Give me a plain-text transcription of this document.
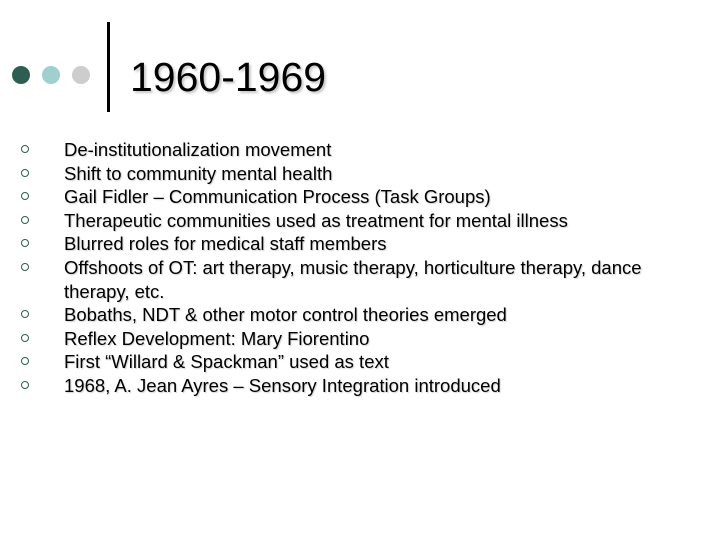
1960-1969
De-institutionalization movement
Shift to community mental health
Gail Fidler – Communication Process (Task Groups)
Therapeutic communities used as treatment for mental illness
Blurred roles for medical staff members
Offshoots of OT: art therapy, music therapy, horticulture therapy, dance therapy, etc.
Bobaths, NDT & other motor control theories emerged
Reflex Development: Mary Fiorentino
First “Willard & Spackman” used as text
1968, A. Jean Ayres – Sensory Integration introduced
